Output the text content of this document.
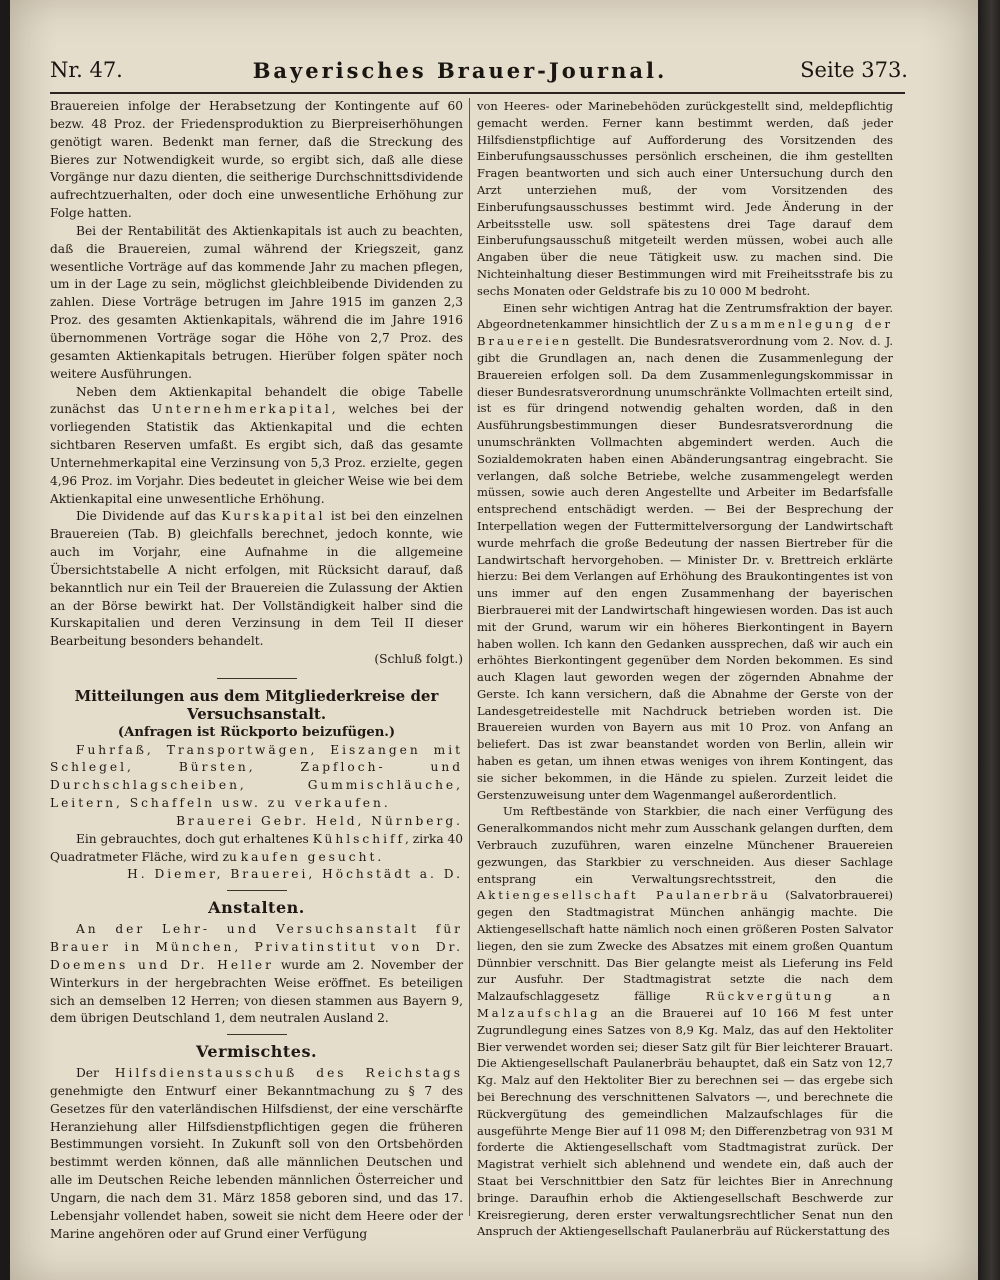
Nr. 47.	Bayerisches Brauer-Journal.	Seite 373.

Brauereien infolge der Herabsetzung der Kontingente auf 60 bezw. 48 Proz. der Friedensproduktion zu Bierpreiserhöhungen genötigt waren. Bedenkt man ferner, daß die Streckung des Bieres zur Notwendigkeit wurde, so ergibt sich, daß alle diese Vorgänge nur dazu dienten, die seitherige Durchschnittsdividende aufrechtzuerhalten, oder doch eine unwesentliche Erhöhung zur Folge hatten.

Bei der Rentabilität des Aktienkapitals ist auch zu beachten, daß die Brauereien, zumal während der Kriegszeit, ganz wesentliche Vorträge auf das kommende Jahr zu machen pflegen, um in der Lage zu sein, möglichst gleichbleibende Dividenden zu zahlen. Diese Vorträge betrugen im Jahre 1915 im ganzen 2,3 Proz. des gesamten Aktienkapitals, während die im Jahre 1916 übernommenen Vorträge sogar die Höhe von 2,7 Proz. des gesamten Aktienkapitals betrugen. Hierüber folgen später noch weitere Ausführungen.

Neben dem Aktienkapital behandelt die obige Tabelle zunächst das Unternehmerkapital, welches bei der vorliegenden Statistik das Aktienkapital und die echten sichtbaren Reserven umfaßt. Es ergibt sich, daß das gesamte Unternehmerkapital eine Verzinsung von 5,3 Proz. erzielte, gegen 4,96 Proz. im Vorjahr. Dies bedeutet in gleicher Weise wie bei dem Aktienkapital eine unwesentliche Erhöhung.

Die Dividende auf das Kurskapital ist bei den einzelnen Brauereien (Tab. B) gleichfalls berechnet, jedoch konnte, wie auch im Vorjahr, eine Aufnahme in die allgemeine Übersichtstabelle A nicht erfolgen, mit Rücksicht darauf, daß bekanntlich nur ein Teil der Brauereien die Zulassung der Aktien an der Börse bewirkt hat. Der Vollständigkeit halber sind die Kurskapitalien und deren Verzinsung in dem Teil II dieser Bearbeitung besonders behandelt.

(Schluß folgt.)

Mitteilungen aus dem Mitgliederkreise der Versuchsanstalt.

(Anfragen ist Rückporto beizufügen.)

Fuhrfaß, Transportwägen, Eiszangen mit Schlegel, Bürsten, Zapfloch- und Durchschlagscheiben, Gummischläuche, Leitern, Schaffeln usw. zu verkaufen.

Brauerei Gebr. Held, Nürnberg.

Ein gebrauchtes, doch gut erhaltenes Kühlschiff, zirka 40 Quadratmeter Fläche, wird zu kaufen gesucht.

H. Diemer, Brauerei, Höchstädt a. D.

Anstalten.

An der Lehr- und Versuchsanstalt für Brauer in München, Privatinstitut von Dr. Doemens und Dr. Heller wurde am 2. November der Winterkurs in der hergebrachten Weise eröffnet. Es beteiligen sich an demselben 12 Herren; von diesen stammen aus Bayern 9, dem übrigen Deutschland 1, dem neutralen Ausland 2.

Vermischtes.

Der Hilfsdienstausschuß des Reichstags genehmigte den Entwurf einer Bekanntmachung zu § 7 des Gesetzes für den vaterländischen Hilfsdienst, der eine verschärfte Heranziehung aller Hilfsdienstpflichtigen gegen die früheren Bestimmungen vorsieht. In Zukunft soll von den Ortsbehörden bestimmt werden können, daß alle männlichen Deutschen und alle im Deutschen Reiche lebenden männlichen Österreicher und Ungarn, die nach dem 31. März 1858 geboren sind, und das 17. Lebensjahr vollendet haben, soweit sie nicht dem Heere oder der Marine angehören oder auf Grund einer Verfügung

von Heeres- oder Marinebehöden zurückgestellt sind, meldepflichtig gemacht werden. Ferner kann bestimmt werden, daß jeder Hilfsdienstpflichtige auf Aufforderung des Vorsitzenden des Einberufungsausschusses persönlich erscheinen, die ihm gestellten Fragen beantworten und sich auch einer Untersuchung durch den Arzt unterziehen muß, der vom Vorsitzenden des Einberufungsausschusses bestimmt wird. Jede Änderung in der Arbeitsstelle usw. soll spätestens drei Tage darauf dem Einberufungsausschuß mitgeteilt werden müssen, wobei auch alle Angaben über die neue Tätigkeit usw. zu machen sind. Die Nichteinhaltung dieser Bestimmungen wird mit Freiheitsstrafe bis zu sechs Monaten oder Geldstrafe bis zu 10 000 M bedroht.

Einen sehr wichtigen Antrag hat die Zentrumsfraktion der bayer. Abgeordnetenkammer hinsichtlich der Zusammenlegung der Brauereien gestellt. Die Bundesratsverordnung vom 2. Nov. d. J. gibt die Grundlagen an, nach denen die Zusammenlegung der Brauereien erfolgen soll. Da dem Zusammenlegungskommissar in dieser Bundesratsverordnung unumschränkte Vollmachten erteilt sind, ist es für dringend notwendig gehalten worden, daß in den Ausführungsbestimmungen dieser Bundesratsverordnung die unumschränkten Vollmachten abgemindert werden. Auch die Sozialdemokraten haben einen Abänderungsantrag eingebracht. Sie verlangen, daß solche Betriebe, welche zusammengelegt werden müssen, sowie auch deren Angestellte und Arbeiter im Bedarfsfalle entsprechend entschädigt werden. — Bei der Besprechung der Interpellation wegen der Futtermittelversorgung der Landwirtschaft wurde mehrfach die große Bedeutung der nassen Biertreber für die Landwirtschaft hervorgehoben. — Minister Dr. v. Brettreich erklärte hierzu: Bei dem Verlangen auf Erhöhung des Braukontingentes ist von uns immer auf den engen Zusammenhang der bayerischen Bierbrauerei mit der Landwirtschaft hingewiesen worden. Das ist auch mit der Grund, warum wir ein höheres Bierkontingent in Bayern haben wollen. Ich kann den Gedanken aussprechen, daß wir auch ein erhöhtes Bierkontingent gegenüber dem Norden bekommen. Es sind auch Klagen laut geworden wegen der zögernden Abnahme der Gerste. Ich kann versichern, daß die Abnahme der Gerste von der Landesgetreidestelle mit Nachdruck betrieben worden ist. Die Brauereien wurden von Bayern aus mit 10 Proz. von Anfang an beliefert. Das ist zwar beanstandet worden von Berlin, allein wir haben es getan, um ihnen etwas weniges von ihrem Kontingent, das sie sicher bekommen, in die Hände zu spielen. Zurzeit leidet die Gerstenzuweisung unter dem Wagenmangel außerordentlich.

Um Reftbestände von Starkbier, die nach einer Verfügung des Generalkommandos nicht mehr zum Ausschank gelangen durften, dem Verbrauch zuzuführen, waren einzelne Münchener Brauereien gezwungen, das Starkbier zu verschneiden. Aus dieser Sachlage entsprang ein Verwaltungsrechtsstreit, den die Aktiengesellschaft Paulanerbräu (Salvatorbrauerei) gegen den Stadtmagistrat München anhängig machte. Die Aktiengesellschaft hatte nämlich noch einen größeren Posten Salvator liegen, den sie zum Zwecke des Absatzes mit einem großen Quantum Dünnbier verschnitt. Das Bier gelangte meist als Lieferung ins Feld zur Ausfuhr. Der Stadtmagistrat setzte die nach dem Malzaufschlaggesetz fällige	Rückvergütung an Malzaufschlag an die Brauerei auf 10 166 M fest unter Zugrundlegung eines Satzes von 8,9 Kg. Malz, das auf den Hektoliter Bier verwendet worden sei; dieser Satz gilt für Bier leichterer Brauart. Die Aktiengesellschaft Paulanerbräu behauptet, daß ein Satz von 12,7 Kg. Malz auf den Hektoliter Bier zu berechnen sei — das ergebe sich bei Berechnung des verschnittenen Salvators —, und berechnete die Rückvergütung des gemeindlichen Malzaufschlages für die ausgeführte Menge Bier auf 11 098 M; den Differenzbetrag von 931 M forderte die Aktiengesellschaft vom Stadtmagistrat zurück. Der Magistrat verhielt sich ablehnend und wendete ein, daß auch der Staat bei Verschnittbier den Satz für leichtes Bier in Anrechnung bringe. Daraufhin erhob die Aktiengesellschaft Beschwerde zur Kreisregierung, deren erster verwaltungsrechtlicher Senat nun den Anspruch der Aktiengesellschaft Paulanerbräu auf Rückerstattung des
